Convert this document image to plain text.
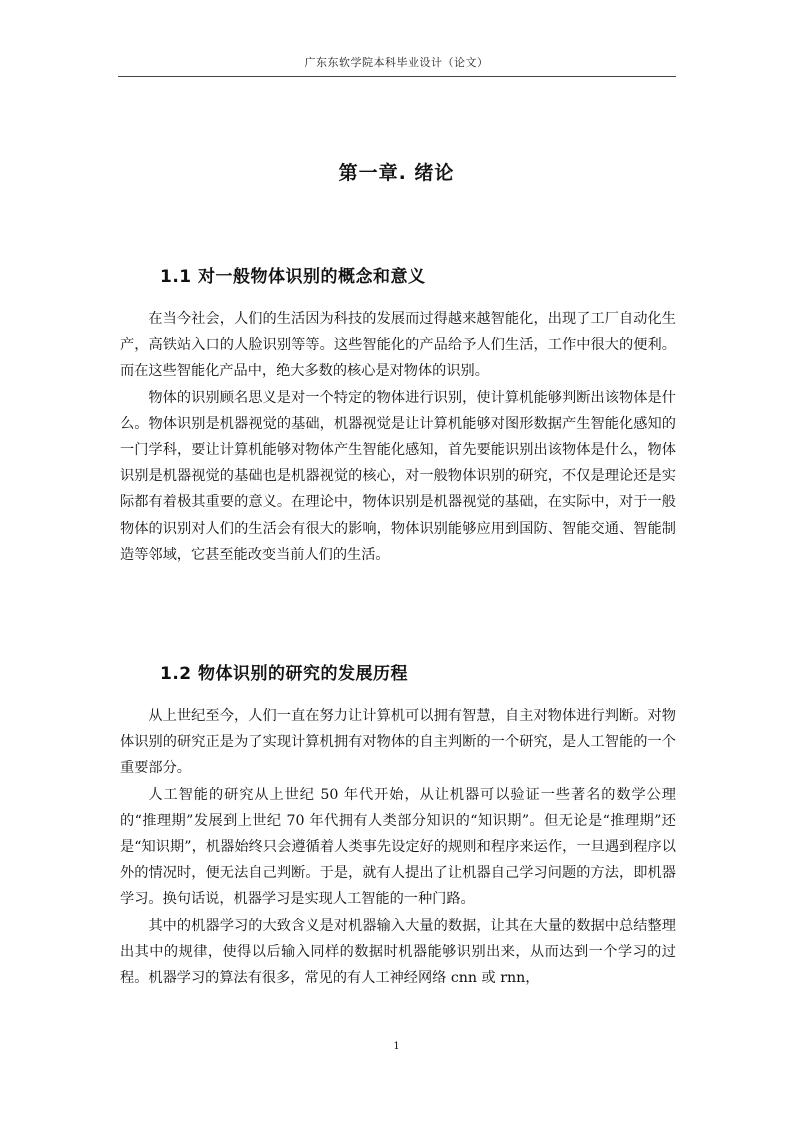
广东东软学院本科毕业设计（论文）
第一章. 绪论
1.1 对一般物体识别的概念和意义

在当今社会，人们的生活因为科技的发展而过得越来越智能化，出现了工厂自动化生产，高铁站入口的人脸识别等等。这些智能化的产品给予人们生活，工作中很大的便利。而在这些智能化产品中，绝大多数的核心是对物体的识别。

物体的识别顾名思义是对一个特定的物体进行识别，使计算机能够判断出该物体是什么。物体识别是机器视觉的基础，机器视觉是让计算机能够对图形数据产生智能化感知的一门学科，要让计算机能够对物体产生智能化感知，首先要能识别出该物体是什么，物体识别是机器视觉的基础也是机器视觉的核心，对一般物体识别的研究，不仅是理论还是实际都有着极其重要的意义。在理论中，物体识别是机器视觉的基础，在实际中，对于一般物体的识别对人们的生活会有很大的影响，物体识别能够应用到国防、智能交通、智能制造等邻域，它甚至能改变当前人们的生活。

1.2 物体识别的研究的发展历程

从上世纪至今，人们一直在努力让计算机可以拥有智慧，自主对物体进行判断。对物体识别的研究正是为了实现计算机拥有对物体的自主判断的一个研究，是人工智能的一个重要部分。

人工智能的研究从上世纪 50 年代开始，从让机器可以验证一些著名的数学公理的“推理期”发展到上世纪 70 年代拥有人类部分知识的“知识期”。但无论是“推理期”还是“知识期”，机器始终只会遵循着人类事先设定好的规则和程序来运作，一旦遇到程序以外的情况时，便无法自己判断。于是，就有人提出了让机器自己学习问题的方法，即机器学习。换句话说，机器学习是实现人工智能的一种门路。

其中的机器学习的大致含义是对机器输入大量的数据，让其在大量的数据中总结整理出其中的规律，使得以后输入同样的数据时机器能够识别出来，从而达到一个学习的过程。机器学习的算法有很多，常见的有人工神经网络 cnn 或 rnn，

1
